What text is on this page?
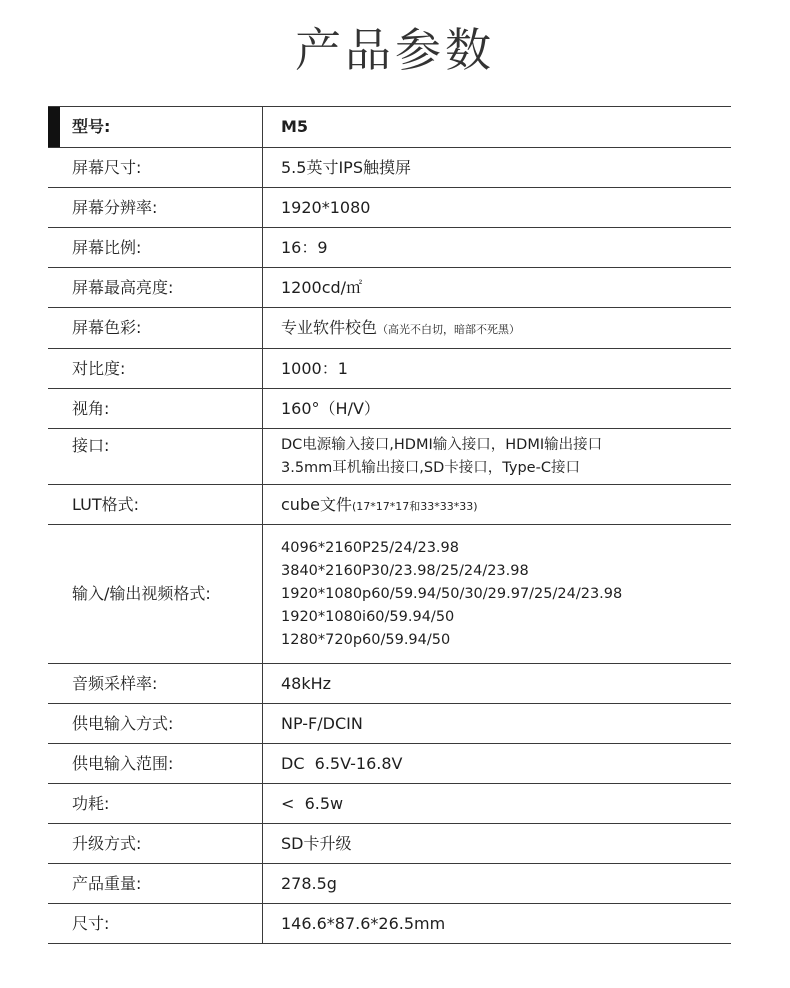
产品参数
型号:	M5
屏幕尺寸:	5.5英寸IPS触摸屏
屏幕分辨率:	1920*1080
屏幕比例:	16：9
屏幕最高亮度:	1200cd/㎡
屏幕色彩:	专业软件校色（高光不白切，暗部不死黑）
对比度:	1000：1
视角:	160°（H/V）
接口:	DC电源输入接口,HDMI输入接口，HDMI输出接口
3.5mm耳机输出接口,SD卡接口，Type-C接口

LUT格式:	cube文件(17*17*17和33*33*33)
输入/输出视频格式:	4096*2160P25/24/23.98
3840*2160P30/23.98/25/24/23.98
1920*1080p60/59.94/50/30/29.97/25/24/23.98
1920*1080i60/59.94/50
1280*720p60/59.94/50

音频采样率:	48kHz
供电输入方式:	NP-F/DCIN
供电输入范围:	DC  6.5V-16.8V
功耗:	<  6.5w
升级方式:	SD卡升级
产品重量:	278.5g
尺寸:	146.6*87.6*26.5mm
